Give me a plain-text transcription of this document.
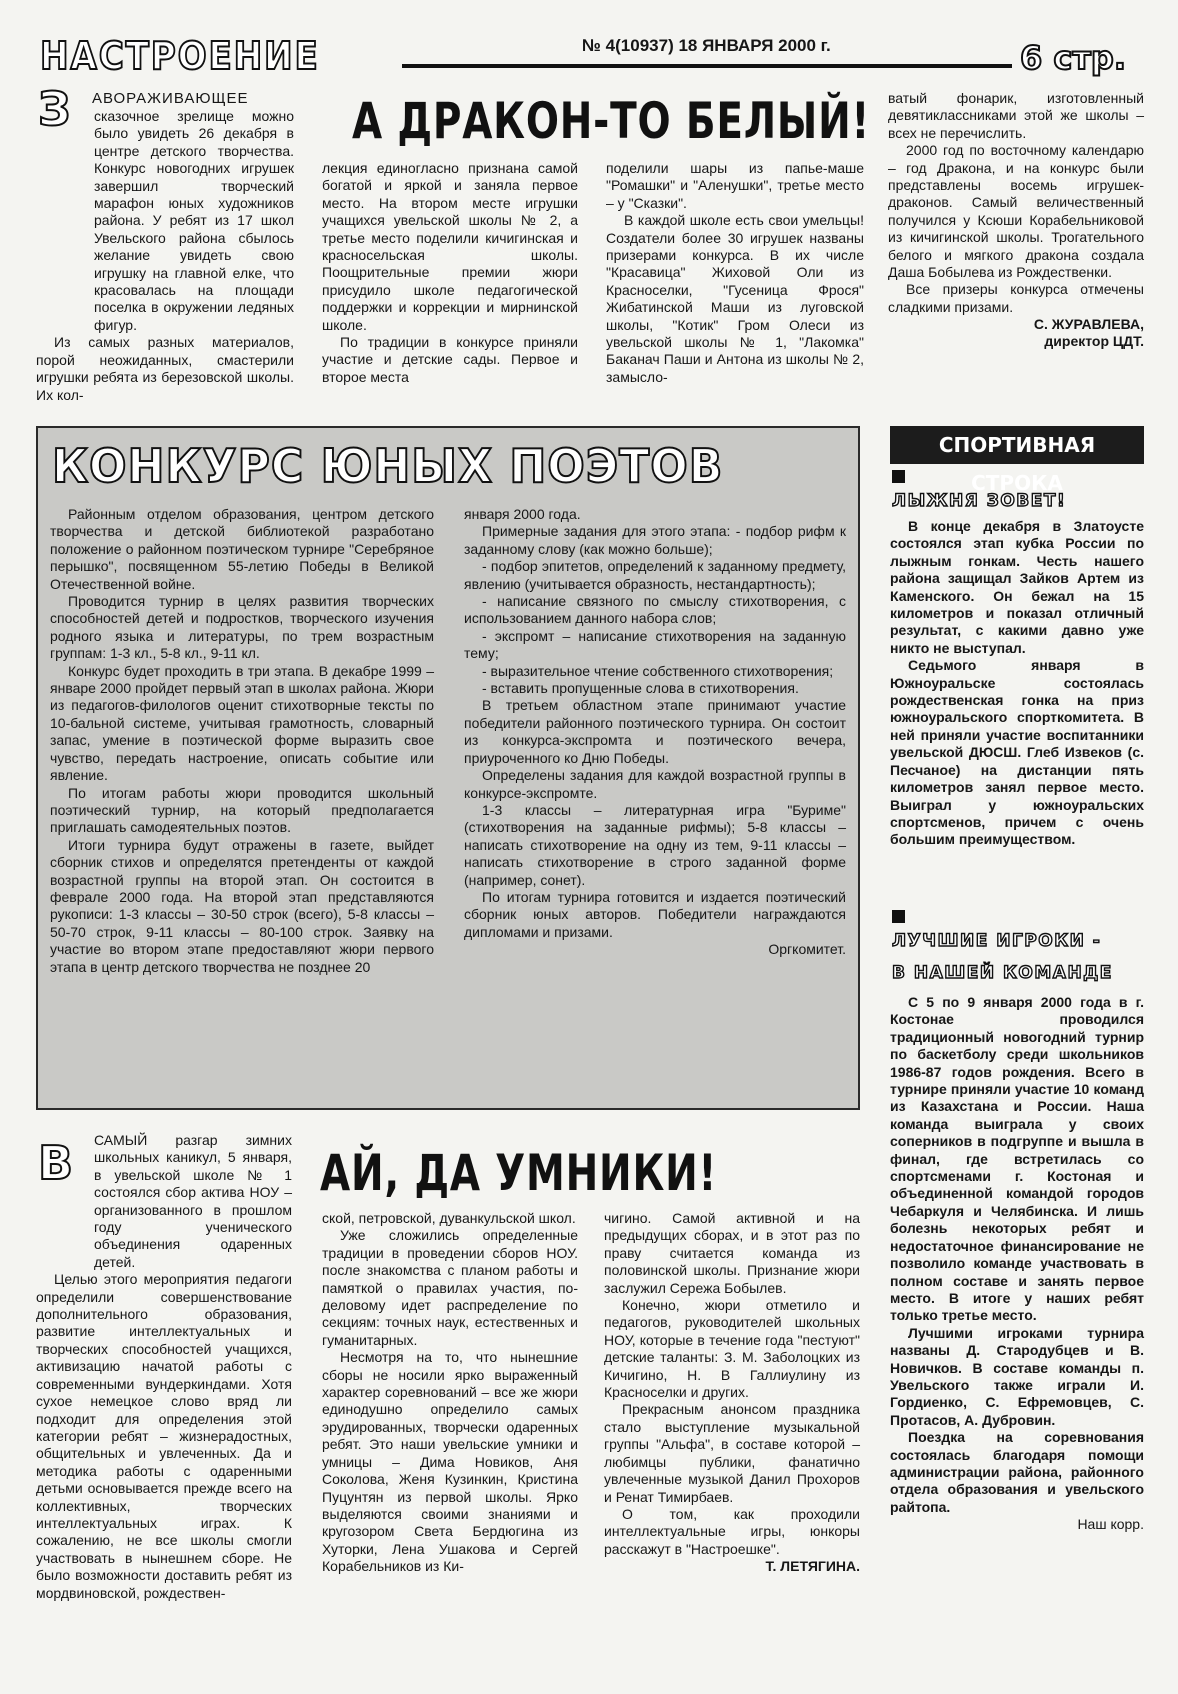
НАСТРОЕНИЕ	№ 4(10937) 18 ЯНВАРЯ 2000 г.	6 стр.
З АВОРАЖИВАЮЩЕЕ А ДРАКОН-ТО БЕЛЫЙ!

сказочное зрелище можно было увидеть 26 декабря в центре детского творчества. Конкурс новогодних игрушек завершил творческий марафон юных художников района. У ребят из 17 школ Увельского района сбылось желание увидеть свою игрушку на главной елке, что красовалась на площади поселка в окружении ледяных фигур.

Из самых разных материалов, порой неожиданных, смастерили игрушки ребята из березовской школы. Их кол-

лекция единогласно признана самой богатой и яркой и заняла первое место. На втором месте игрушки учащихся увельской школы № 2, а третье место поделили кичигинская и красносельская школы. Поощрительные премии жюри присудило школе педагогической поддержки и коррекции и мирнинской школе.

По традиции в конкурсе приняли участие и детские сады. Первое и второе места

поделили шары из папье-маше "Ромашки" и "Аленушки", третье место – у "Сказки".

В каждой школе есть свои умельцы! Создатели более 30 игрушек названы призерами конкурса. В их числе "Красавица" Жиховой Оли из Красноселки, "Гусеница Фрося" Жибатинской Маши из луговской школы, "Котик" Гром Олеси из увельской школы № 1, "Лакомка" Баканач Паши и Антона из школы № 2, замысло-

ватый фонарик, изготовленный девятиклассниками этой же школы – всех не перечислить.

2000 год по восточному календарю – год Дракона, и на конкурс были представлены восемь игрушек-драконов. Самый величественный получился у Ксюши Корабельниковой из кичигинской школы. Трогательного белого и мягкого дракона создала Даша Бобылева из Рождественки.

Все призеры конкурса отмечены сладкими призами.

С. ЖУРАВЛЕВА,

директор ЦДТ.

КОНКУРС ЮНЫХ ПОЭТОВ

Районным отделом образования, центром детского творчества и детской библиотекой разработано положение о районном поэтическом турнире "Серебряное перышко", посвященном 55-летию Победы в Великой Отечественной войне.

Проводится турнир в целях развития творческих способностей детей и подростков, творческого изучения родного языка и литературы, по трем возрастным группам: 1-3 кл., 5-8 кл., 9-11 кл.

Конкурс будет проходить в три этапа. В декабре 1999 – январе 2000 пройдет первый этап в школах района. Жюри из педагогов-филологов оценит стихотворные тексты по 10-бальной системе, учитывая грамотность, словарный запас, умение в поэтической форме выразить свое чувство, передать настроение, описать событие или явление.

По итогам работы жюри проводится школьный поэтический турнир, на который предполагается приглашать самодеятельных поэтов.

Итоги турнира будут отражены в газете, выйдет сборник стихов и определятся претенденты от каждой возрастной группы на второй этап. Он состоится в феврале 2000 года. На второй этап представляются рукописи: 1-3 классы – 30-50 строк (всего), 5-8 классы – 50-70 строк, 9-11 классы – 80-100 строк. Заявку на участие во втором этапе предоставляют жюри первого этапа в центр детского творчества не позднее 20

января 2000 года.

Примерные задания для этого этапа: - подбор рифм к заданному слову (как можно больше);

- подбор эпитетов, определений к заданному предмету, явлению (учитывается образность, нестандартность);

- написание связного по смыслу стихотворения, с использованием данного набора слов;

- экспромт – написание стихотворения на заданную тему;

- выразительное чтение собственного стихотворения;

- вставить пропущенные слова в стихотворения.

В третьем областном этапе принимают участие победители районного поэтического турнира. Он состоит из конкурса-экспромта и поэтического вечера, приуроченного ко Дню Победы.

Определены задания для каждой возрастной группы в конкурсе-экспромте.

1-3 классы – литературная игра "Буриме" (стихотворения на заданные рифмы); 5-8 классы – написать стихотворение на одну из тем, 9-11 классы – написать стихотворение в строго заданной форме (например, сонет).

По итогам турнира готовится и издается поэтический сборник юных авторов. Победители награждаются дипломами и призами.

Оргкомитет.

СПОРТИВНАЯ СТРОКА
ЛЫЖНЯ ЗОВЕТ!

В конце декабря в Златоусте состоялся этап кубка России по лыжным гонкам. Честь нашего района защищал Зайков Артем из Каменского. Он бежал на 15 километров и показал отличный результат, с какими давно уже никто не выступал.

Седьмого января в Южноуральске состоялась рождественская гонка на приз южноуральского спорткомитета. В ней приняли участие воспитанники увельской ДЮСШ. Глеб Извеков (с. Песчаное) на дистанции пять километров занял первое место. Выиграл у южноуральских спортсменов, причем с очень большим преимуществом.

ЛУЧШИЕ ИГРОКИ -
В НАШЕЙ КОМАНДЕ

С 5 по 9 января 2000 года в г. Костонае проводился традиционный новогодний турнир по баскетболу среди школьников 1986-87 годов рождения. Всего в турнире приняли участие 10 команд из Казахстана и России. Наша команда выиграла у своих соперников в подгруппе и вышла в финал, где встретилась со спортсменами г. Костоная и объединенной командой городов Чебаркуля и Челябинска. И лишь болезнь некоторых ребят и недостаточное финансирование не позволило команде участвовать в полном составе и занять первое место. В итоге у наших ребят только третье место.

Лучшими игроками турнира названы Д. Стародубцев и В. Новичков. В составе команды п. Увельского также играли И. Гордиенко, С. Ефремовцев, С. Протасов, А. Дубровин.

Поездка на соревнования состоялась благодаря помощи администрации района, районного отдела образования и увельского райтопа.

Наш корр.

В	АЙ, ДА УМНИКИ!

САМЫЙ разгар зимних школьных каникул, 5 января, в увельской школе № 1 состоялся сбор актива НОУ – организованного в прошлом году ученического объединения одаренных детей.

Целью этого мероприятия педагоги определили совершенствование дополнительного образования, развитие интеллектуальных и творческих способностей учащихся, активизацию начатой работы с современными вундеркиндами. Хотя сухое немецкое слово вряд ли подходит для определения этой категории ребят – жизнерадостных, общительных и увлеченных. Да и методика работы с одаренными детьми основывается прежде всего на коллективных, творческих интеллектуальных играх. К сожалению, не все школы смогли участвовать в нынешнем сборе. Не было возможности доставить ребят из мордвиновской, рождествен-

ской, петровской, дуванкульской школ.

Уже сложились определенные традиции в проведении сборов НОУ. после знакомства с планом работы и памяткой о правилах участия, по-деловому идет распределение по секциям: точных наук, естественных и гуманитарных.

Несмотря на то, что нынешние сборы не носили ярко выраженный характер соревнований – все же жюри единодушно определило самых эрудированных, творчески одаренных ребят. Это наши увельские умники и умницы – Дима Новиков, Аня Соколова, Женя Кузинкин, Кристина Пуцунтян из первой школы. Ярко выделяются своими знаниями и кругозором Света Бердюгина из Хуторки, Лена Ушакова и Сергей Корабельников из Ки-

чигино. Самой активной и на предыдущих сборах, и в этот раз по праву считается команда из половинской школы. Признание жюри заслужил Сережа Бобылев.

Конечно, жюри отметило и педагогов, руководителей школьных НОУ, которые в течение года "пестуют" детские таланты: З. М. Заболоцких из Кичигино, Н. В Галлиулину из Красноселки и других.

Прекрасным анонсом праздника стало выступление музыкальной группы "Альфа", в составе которой – любимцы публики, фанатично увлеченные музыкой Данил Прохоров и Ренат Тимирбаев.

О том, как проходили интеллектуальные игры, юнкоры расскажут в "Настроешке".

Т. ЛЕТЯГИНА.
